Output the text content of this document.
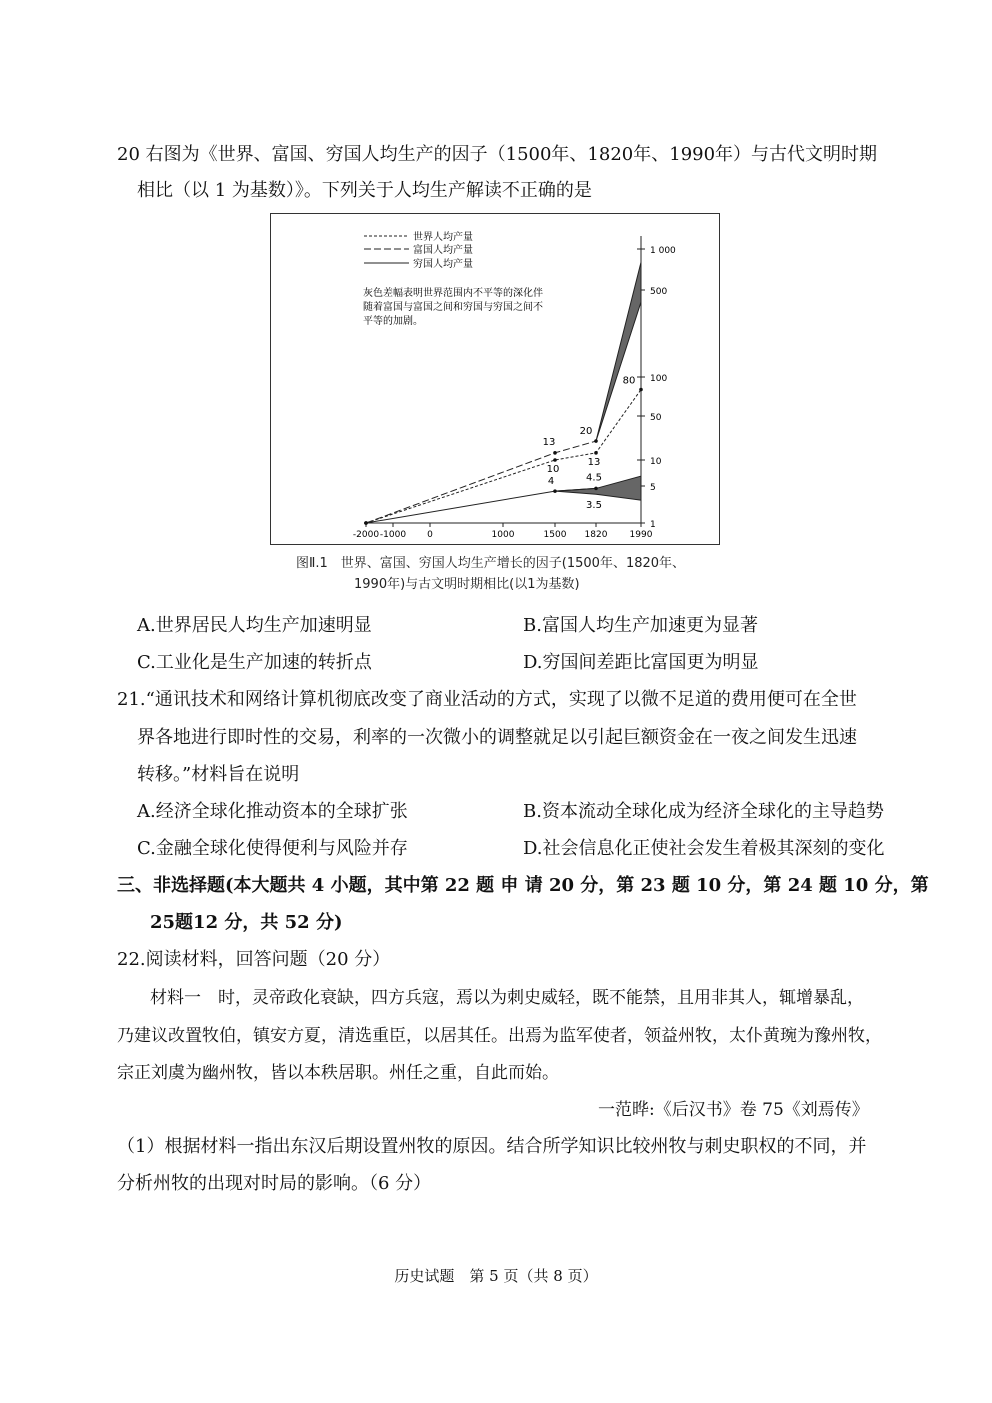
20 右图为《世界、富国、穷国人均生产的因子（1500年、1820年、1990年）与古代文明时期
相比（以 1 为基数）》。下列关于人均生产解读不正确的是
世界人均产量
富国人均产量
穷国人均产量
灰色差幅表明世界范围内不平等的深化伴
随着富国与富国之间和穷国与穷国之间不
平等的加剧。
-2000 -1000 0	1000	1500 1820 1990
1
5
10
50
100
500
1 000
13
10
20
13
80
4	4.5
3.5
图Ⅱ.1　世界、富国、穷国人均生产增长的因子(1500年、1820年、
1990年)与古文明时期相比(以1为基数)
A.世界居民人均生产加速明显	B.富国人均生产加速更为显著
C.工业化是生产加速的转折点	D.穷国间差距比富国更为明显
21.“通讯技术和网络计算机彻底改变了商业活动的方式，实现了以微不足道的费用便可在全世
界各地进行即时性的交易，利率的一次微小的调整就足以引起巨额资金在一夜之间发生迅速
转移。”材料旨在说明
A.经济全球化推动资本的全球扩张	B.资本流动全球化成为经济全球化的主导趋势
C.金融全球化使得便利与风险并存	D.社会信息化正使社会发生着极其深刻的变化
三、非选择题(本大题共 4 小题，其中第 22 题 申 请 20 分，第 23 题 10 分，第 24 题 10 分，第
25题12 分，共 52 分)
22.阅读材料，回答问题（20 分）
材料一　时，灵帝政化衰缺，四方兵寇，焉以为刺史威轻，既不能禁，且用非其人，辄增暴乱，
乃建议改置牧伯，镇安方夏，清选重臣，以居其任。出焉为监军使者，领益州牧，太仆黄琬为豫州牧，
宗正刘虞为幽州牧，皆以本秩居职。州任之重，自此而始。
一范晔:《后汉书》卷 75《刘焉传》
（1）根据材料一指出东汉后期设置州牧的原因。结合所学知识比较州牧与刺史职权的不同，并
分析州牧的出现对时局的影响。（6 分）
历史试题　第 5 页（共 8 页）
